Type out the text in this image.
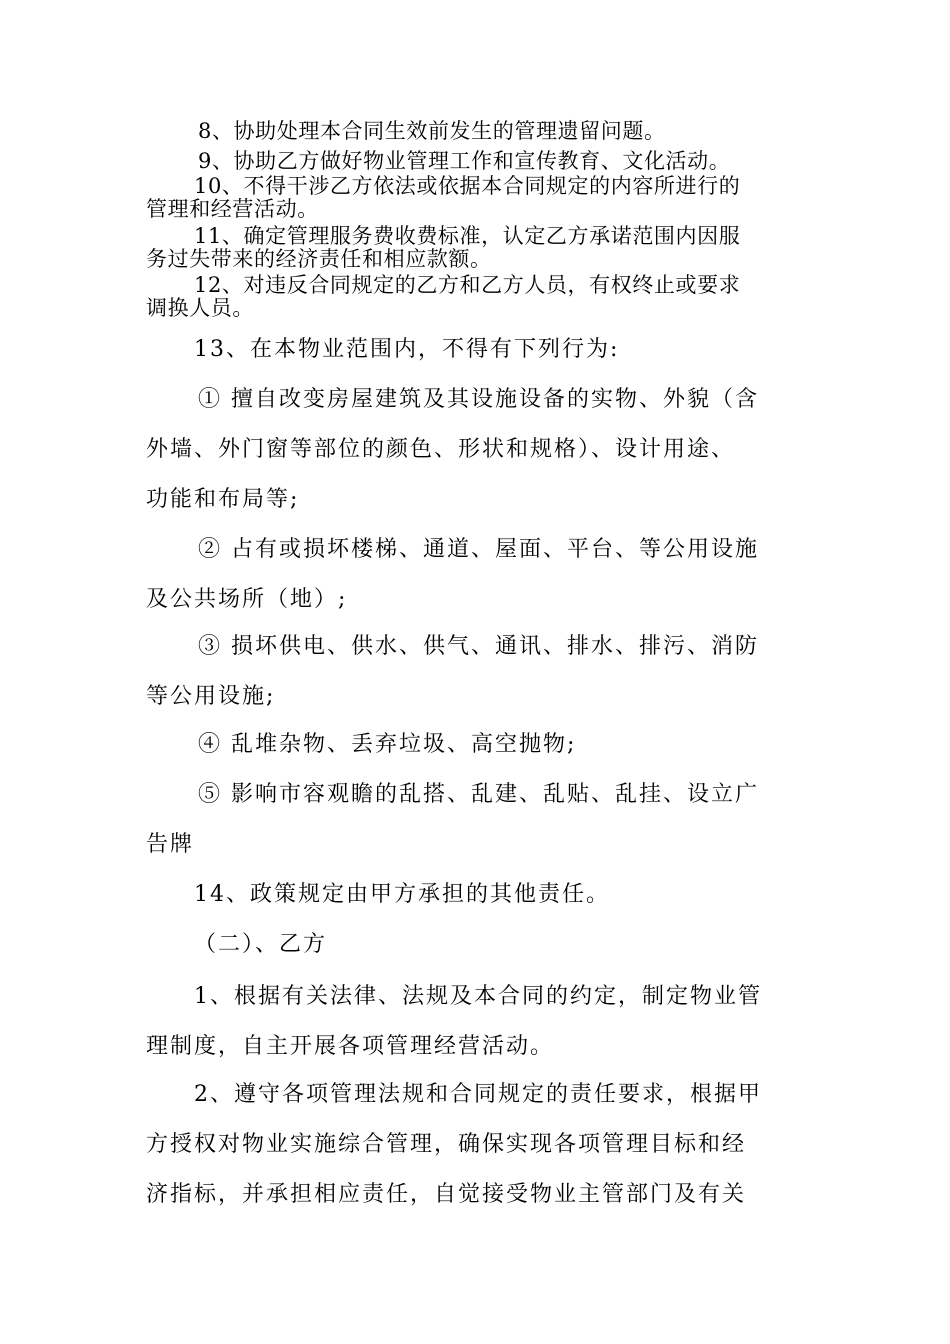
8、协助处理本合同生效前发生的管理遗留问题。

9、协助乙方做好物业管理工作和宣传教育、文化活动。

10、不得干涉乙方依法或依据本合同规定的内容所进行的
管理和经营活动。

11、确定管理服务费收费标准，认定乙方承诺范围内因服
务过失带来的经济责任和相应款额。

12、对违反合同规定的乙方和乙方人员，有权终止或要求
调换人员。

13、在本物业范围内，不得有下列行为:

① 擅自改变房屋建筑及其设施设备的实物、外貌（含
外墙、外门窗等部位的颜色、形状和规格）、设计用途、
功能和布局等;

② 占有或损坏楼梯、通道、屋面、平台、等公用设施
及公共场所（地）;

③ 损坏供电、供水、供气、通讯、排水、排污、消防
等公用设施;

④ 乱堆杂物、丢弃垃圾、高空抛物;

⑤ 影响市容观瞻的乱搭、乱建、乱贴、乱挂、设立广
告牌

14、政策规定由甲方承担的其他责任。

（二）、乙方

1、根据有关法律、法规及本合同的约定，制定物业管
理制度，自主开展各项管理经营活动。

2、遵守各项管理法规和合同规定的责任要求，根据甲
方授权对物业实施综合管理，确保实现各项管理目标和经
济指标，并承担相应责任，自觉接受物业主管部门及有关
